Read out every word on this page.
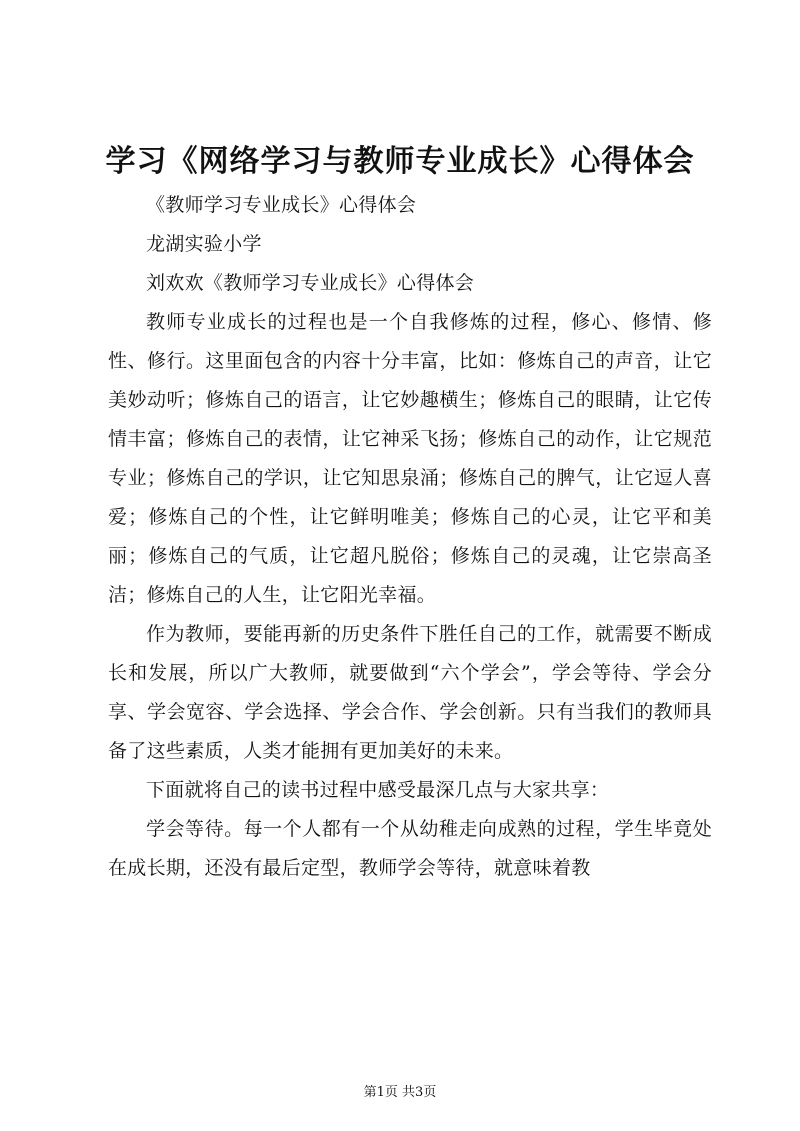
学习《网络学习与教师专业成长》心得体会

《教师学习专业成长》心得体会

龙湖实验小学

刘欢欢《教师学习专业成长》心得体会

教师专业成长的过程也是一个自我修炼的过程，修心、修情、修性、修行。这里面包含的内容十分丰富，比如：修炼自己的声音，让它美妙动听；修炼自己的语言，让它妙趣横生；修炼自己的眼睛，让它传情丰富；修炼自己的表情，让它神采飞扬；修炼自己的动作，让它规范专业；修炼自己的学识，让它知思泉涌；修炼自己的脾气，让它逗人喜爱；修炼自己的个性，让它鲜明唯美；修炼自己的心灵，让它平和美丽；修炼自己的气质，让它超凡脱俗；修炼自己的灵魂，让它崇高圣洁；修炼自己的人生，让它阳光幸福。

作为教师，要能再新的历史条件下胜任自己的工作，就需要不断成长和发展，所以广大教师，就要做到“六个学会”，学会等待、学会分享、学会宽容、学会选择、学会合作、学会创新。只有当我们的教师具备了这些素质，人类才能拥有更加美好的未来。

下面就将自己的读书过程中感受最深几点与大家共享：

学会等待。每一个人都有一个从幼稚走向成熟的过程，学生毕竟处在成长期，还没有最后定型，教师学会等待，就意味着教

第1页 共3页
